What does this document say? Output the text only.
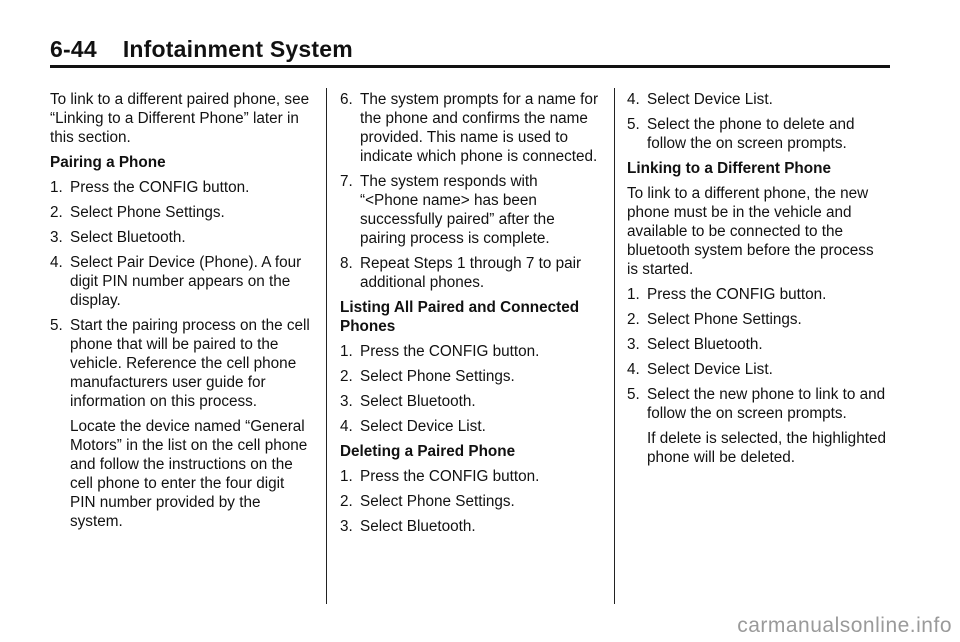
6-44 Infotainment System

To link to a different paired phone, see “Linking to a Different Phone” later in this section.

Pairing a Phone

1. Press the CONFIG button.
2. Select Phone Settings.
3. Select Bluetooth.
4. Select Pair Device (Phone). A four digit PIN number appears on the display.
5. Start the pairing process on the cell phone that will be paired to the vehicle. Reference the cell phone manufacturers user guide for information on this process.

Locate the device named “General Motors” in the list on the cell phone and follow the instructions on the cell phone to enter the four digit PIN number provided by the system.

6. The system prompts for a name for the phone and confirms the name provided. This name is used to indicate which phone is connected.
7. The system responds with “<Phone name> has been successfully paired” after the pairing process is complete.
8. Repeat Steps 1 through 7 to pair additional phones.

Listing All Paired and Connected Phones

1. Press the CONFIG button.
2. Select Phone Settings.
3. Select Bluetooth.
4. Select Device List.

Deleting a Paired Phone

1. Press the CONFIG button.
2. Select Phone Settings.
3. Select Bluetooth.
4. Select Device List.
5. Select the phone to delete and follow the on screen prompts.

Linking to a Different Phone

To link to a different phone, the new phone must be in the vehicle and available to be connected to the bluetooth system before the process is started.

1. Press the CONFIG button.
2. Select Phone Settings.
3. Select Bluetooth.
4. Select Device List.
5. Select the new phone to link to and follow the on screen prompts.

If delete is selected, the highlighted phone will be deleted.

carmanualsonline.info
